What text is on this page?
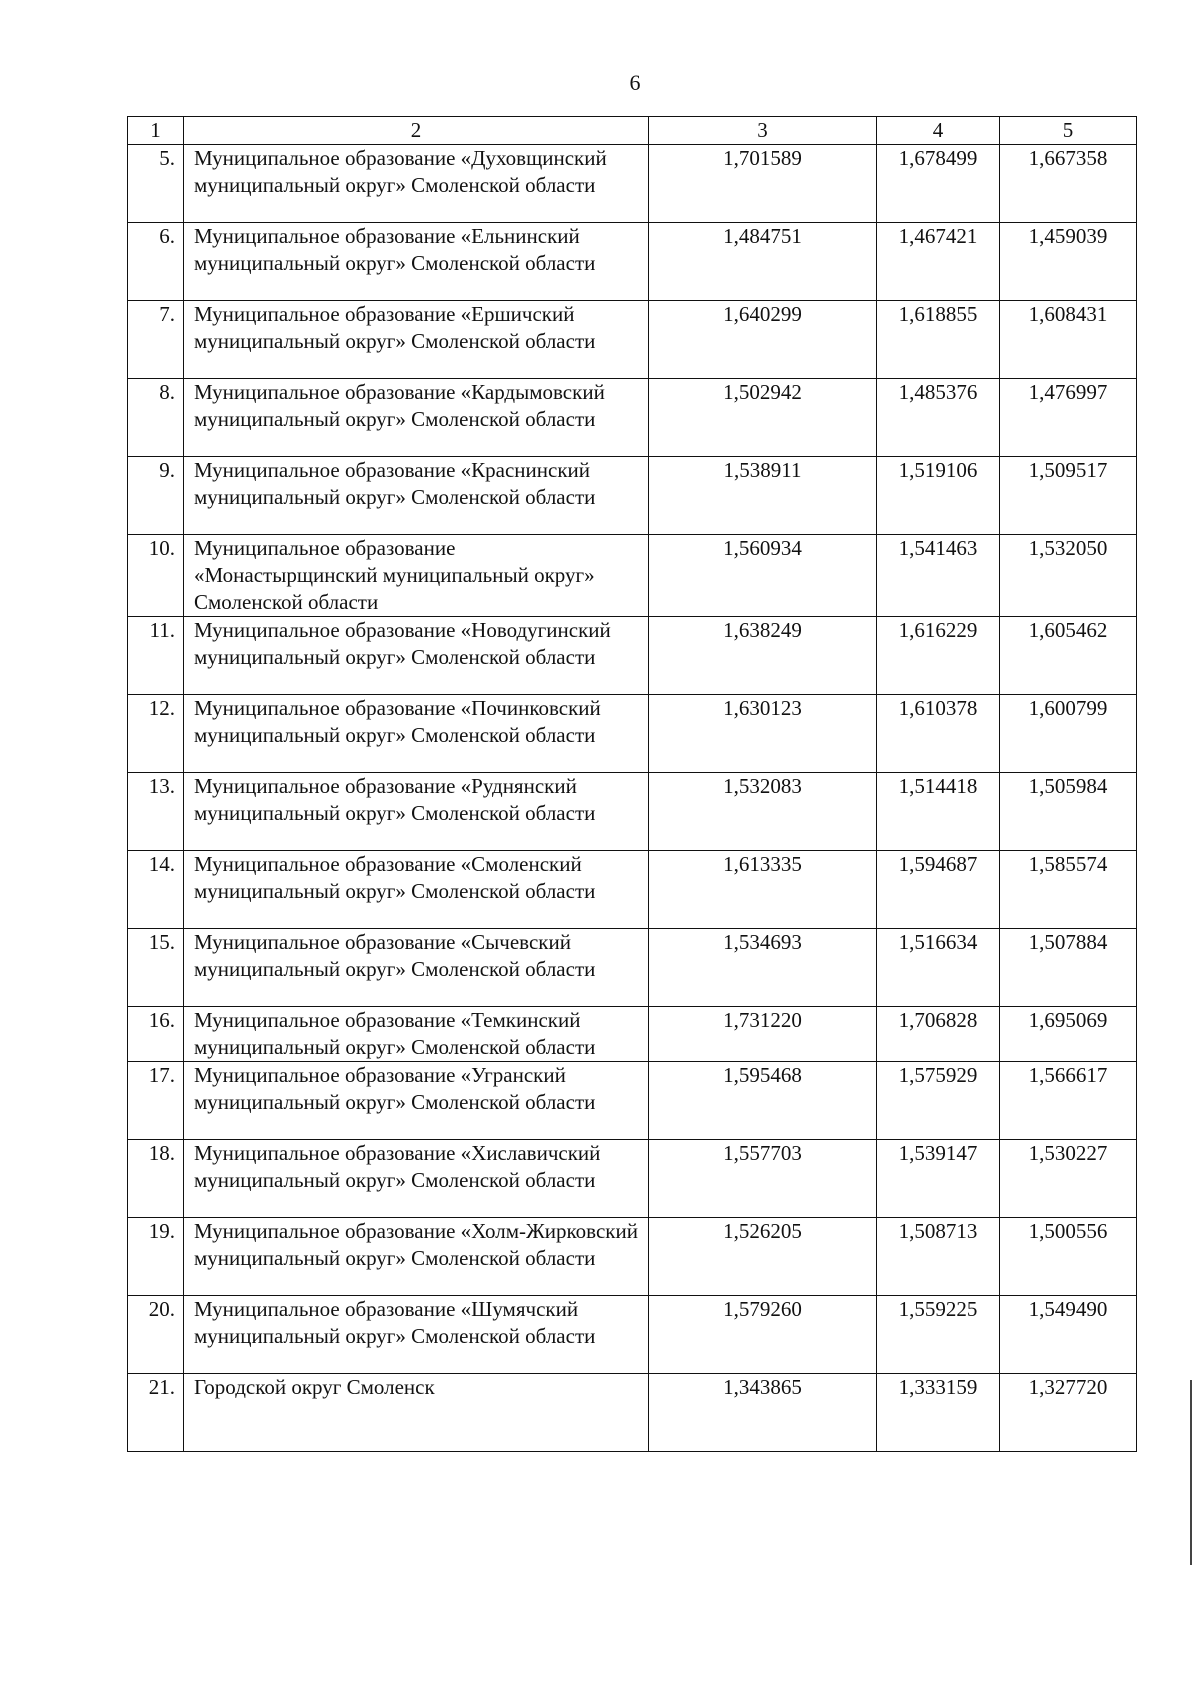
6
1	2	3	4	5
5.	Муниципальное образование «Духовщинский муниципальный округ» Смоленской области	1,701589	1,678499	1,667358
6.	Муниципальное образование «Ельнинский муниципальный округ» Смоленской области	1,484751	1,467421	1,459039
7.	Муниципальное образование «Ершичский муниципальный округ» Смоленской области	1,640299	1,618855	1,608431
8.	Муниципальное образование «Кардымовский муниципальный округ» Смоленской области	1,502942	1,485376	1,476997
9.	Муниципальное образование «Краснинский муниципальный округ» Смоленской области	1,538911	1,519106	1,509517
10.	Муниципальное образование «Монастырщинский муниципальный округ» Смоленской области	1,560934	1,541463	1,532050
11.	Муниципальное образование «Новодугинский муниципальный округ» Смоленской области	1,638249	1,616229	1,605462
12.	Муниципальное образование «Починковский муниципальный округ» Смоленской области	1,630123	1,610378	1,600799
13.	Муниципальное образование «Руднянский муниципальный округ» Смоленской области	1,532083	1,514418	1,505984
14.	Муниципальное образование «Смоленский муниципальный округ» Смоленской области	1,613335	1,594687	1,585574
15.	Муниципальное образование «Сычевский муниципальный округ» Смоленской области	1,534693	1,516634	1,507884
16.	Муниципальное образование «Темкинский муниципальный округ» Смоленской области	1,731220	1,706828	1,695069
17.	Муниципальное образование «Угранский муниципальный округ» Смоленской области	1,595468	1,575929	1,566617
18.	Муниципальное образование «Хиславичский муниципальный округ» Смоленской области	1,557703	1,539147	1,530227
19.	Муниципальное образование «Холм-Жирковский муниципальный округ» Смоленской области	1,526205	1,508713	1,500556
20.	Муниципальное образование «Шумячский муниципальный округ» Смоленской области	1,579260	1,559225	1,549490
21.	Городской округ Смоленск	1,343865	1,333159	1,327720
